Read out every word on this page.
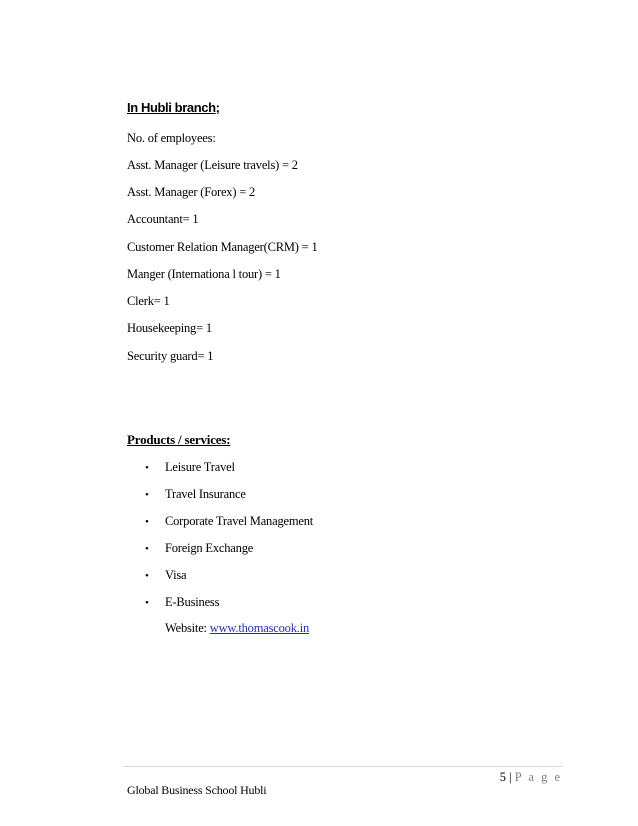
In Hubli branch;
No. of employees:
Asst. Manager (Leisure travels) = 2
Asst. Manager (Forex) = 2
Accountant= 1
Customer Relation Manager(CRM) = 1
Manger (Internationa l tour) = 1
Clerk= 1
Housekeeping= 1
Security guard= 1
Products / services:
• Leisure Travel
• Travel Insurance
• Corporate Travel Management
• Foreign Exchange
• Visa
• E-Business
Website: www.thomascook.in
5 | P a g e
Global Business School Hubli
